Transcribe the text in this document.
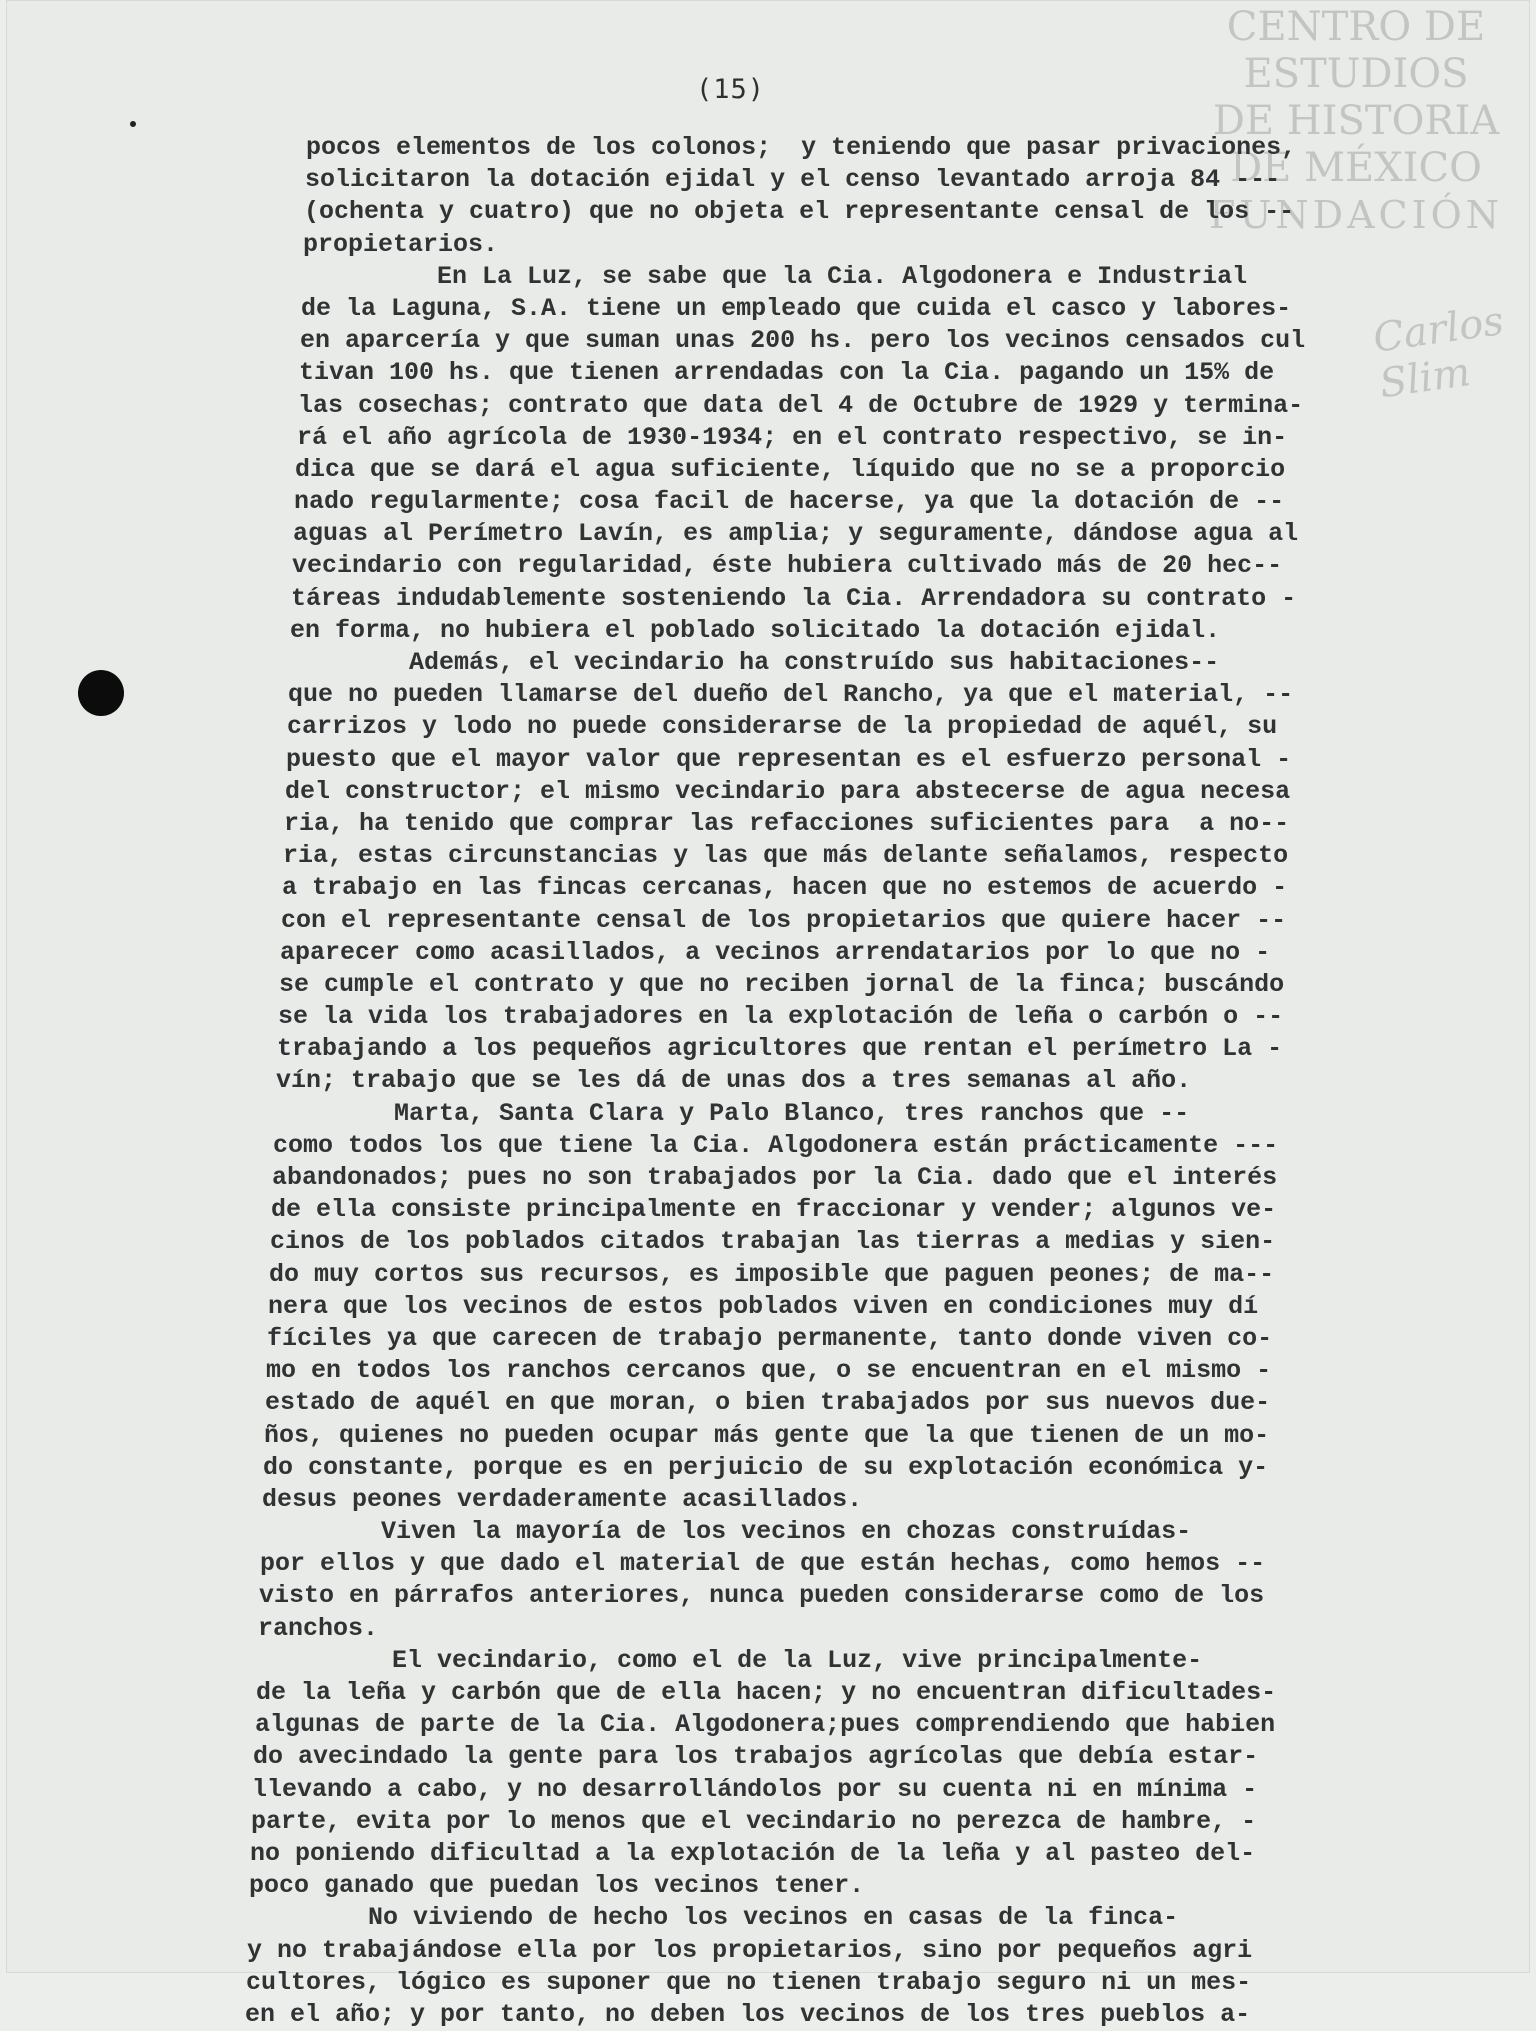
CENTRO DE
ESTUDIOS
DE HISTORIA
DE MÉXICO
FUNDACIÓN
Carlos Slim
(15)
pocos elementos de los colonos;  y teniendo que pasar privaciones,
solicitaron la dotación ejidal y el censo levantado arroja 84 ---
(ochenta y cuatro) que no objeta el representante censal de los --
propietarios.
En La Luz, se sabe que la Cia. Algodonera e Industrial
de la Laguna, S.A. tiene un empleado que cuida el casco y labores-
en aparcería y que suman unas 200 hs. pero los vecinos censados cul
tivan 100 hs. que tienen arrendadas con la Cia. pagando un 15% de
las cosechas; contrato que data del 4 de Octubre de 1929 y termina-
rá el año agrícola de 1930-1934; en el contrato respectivo, se in-
dica que se dará el agua suficiente, líquido que no se a proporcio
nado regularmente; cosa facil de hacerse, ya que la dotación de --
aguas al Perímetro Lavín, es amplia; y seguramente, dándose agua al
vecindario con regularidad, éste hubiera cultivado más de 20 hec--
táreas indudablemente sosteniendo la Cia. Arrendadora su contrato -
en forma, no hubiera el poblado solicitado la dotación ejidal.
Además, el vecindario ha construído sus habitaciones--
que no pueden llamarse del dueño del Rancho, ya que el material, --
carrizos y lodo no puede considerarse de la propiedad de aquél, su
puesto que el mayor valor que representan es el esfuerzo personal -
del constructor; el mismo vecindario para abstecerse de agua necesa
ria, ha tenido que comprar las refacciones suficientes para  a no--
ria, estas circunstancias y las que más delante señalamos, respecto
a trabajo en las fincas cercanas, hacen que no estemos de acuerdo -
con el representante censal de los propietarios que quiere hacer --
aparecer como acasillados, a vecinos arrendatarios por lo que no -
se cumple el contrato y que no reciben jornal de la finca; buscándo
se la vida los trabajadores en la explotación de leña o carbón o --
trabajando a los pequeños agricultores que rentan el perímetro La -
vín; trabajo que se les dá de unas dos a tres semanas al año.
Marta, Santa Clara y Palo Blanco, tres ranchos que --
como todos los que tiene la Cia. Algodonera están prácticamente ---
abandonados; pues no son trabajados por la Cia. dado que el interés
de ella consiste principalmente en fraccionar y vender; algunos ve-
cinos de los poblados citados trabajan las tierras a medias y sien-
do muy cortos sus recursos, es imposible que paguen peones; de ma--
nera que los vecinos de estos poblados viven en condiciones muy dí
fíciles ya que carecen de trabajo permanente, tanto donde viven co-
mo en todos los ranchos cercanos que, o se encuentran en el mismo -
estado de aquél en que moran, o bien trabajados por sus nuevos due-
ños, quienes no pueden ocupar más gente que la que tienen de un mo-
do constante, porque es en perjuicio de su explotación económica y-
desus peones verdaderamente acasillados.
Viven la mayoría de los vecinos en chozas construídas-
por ellos y que dado el material de que están hechas, como hemos --
visto en párrafos anteriores, nunca pueden considerarse como de los
ranchos.
El vecindario, como el de la Luz, vive principalmente-
de la leña y carbón que de ella hacen; y no encuentran dificultades-
algunas de parte de la Cia. Algodonera;pues comprendiendo que habien
do avecindado la gente para los trabajos agrícolas que debía estar-
llevando a cabo, y no desarrollándolos por su cuenta ni en mínima -
parte, evita por lo menos que el vecindario no perezca de hambre, -
no poniendo dificultad a la explotación de la leña y al pasteo del-
poco ganado que puedan los vecinos tener.
No viviendo de hecho los vecinos en casas de la finca-
y no trabajándose ella por los propietarios, sino por pequeños agri
cultores, lógico es suponer que no tienen trabajo seguro ni un mes-
en el año; y por tanto, no deben los vecinos de los tres pueblos a-
